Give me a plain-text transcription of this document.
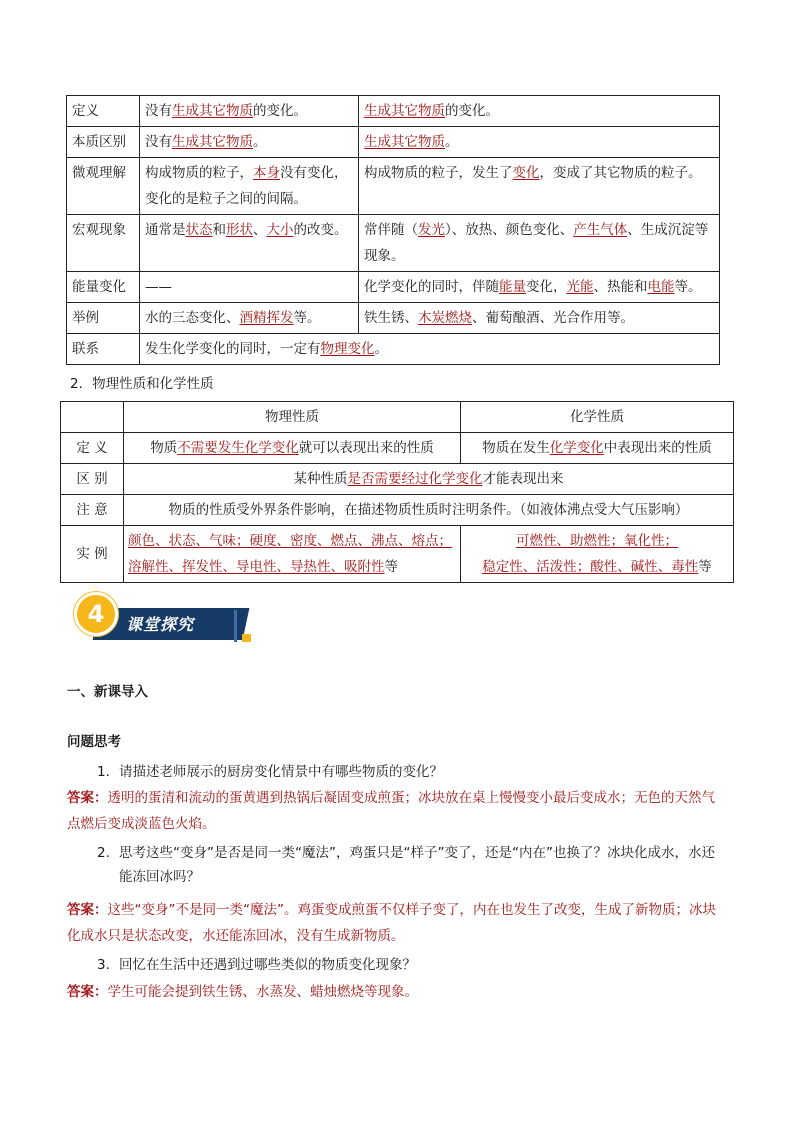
定义	没有生成其它物质的变化。	生成其它物质的变化。
本质区别	没有生成其它物质。	生成其它物质。
微观理解	构成物质的粒子，本身没有变化，变化的是粒子之间的间隔。	构成物质的粒子，发生了变化，变成了其它物质的粒子。
宏观现象	通常是状态和形状、大小的改变。	常伴随（发光）、放热、颜色变化、产生气体、生成沉淀等现象。
能量变化	——	化学变化的同时，伴随能量变化，光能、热能和电能等。
举例	水的三态变化、酒精挥发等。	铁生锈、木炭燃烧、葡萄酿酒、光合作用等。
联系	发生化学变化的同时，一定有物理变化。	
2．物理性质和化学性质
	物理性质	化学性质
定 义	物质不需要发生化学变化就可以表现出来的性质	物质在发生化学变化中表现出来的性质
区 别	某种性质是否需要经过化学变化才能表现出来	
注 意	物质的性质受外界条件影响，在描述物质性质时注明条件。（如液体沸点受大气压影响）	
实 例	颜色、状态、气味；硬度、密度、燃点、沸点、熔点；溶解性、挥发性、导电性、导热性、吸附性等	可燃性、助燃性；氧化性；
稳定性、活泼性；酸性、碱性、毒性等
4	课堂探究
一、新课导入
问题思考
1. 请描述老师展示的厨房变化情景中有哪些物质的变化？
答案：透明的蛋清和流动的蛋黄遇到热锅后凝固变成煎蛋；冰块放在桌上慢慢变小最后变成水；无色的天然气点燃后变成淡蓝色火焰。
2. 思考这些“变身”是否是同一类“魔法”，鸡蛋只是“样子”变了，还是“内在”也换了？冰块化成水，水还能冻回冰吗？
答案：这些“变身”不是同一类“魔法”。鸡蛋变成煎蛋不仅样子变了，内在也发生了改变，生成了新物质；冰块化成水只是状态改变，水还能冻回冰，没有生成新物质。
3. 回忆在生活中还遇到过哪些类似的物质变化现象？
答案：学生可能会提到铁生锈、水蒸发、蜡烛燃烧等现象。
